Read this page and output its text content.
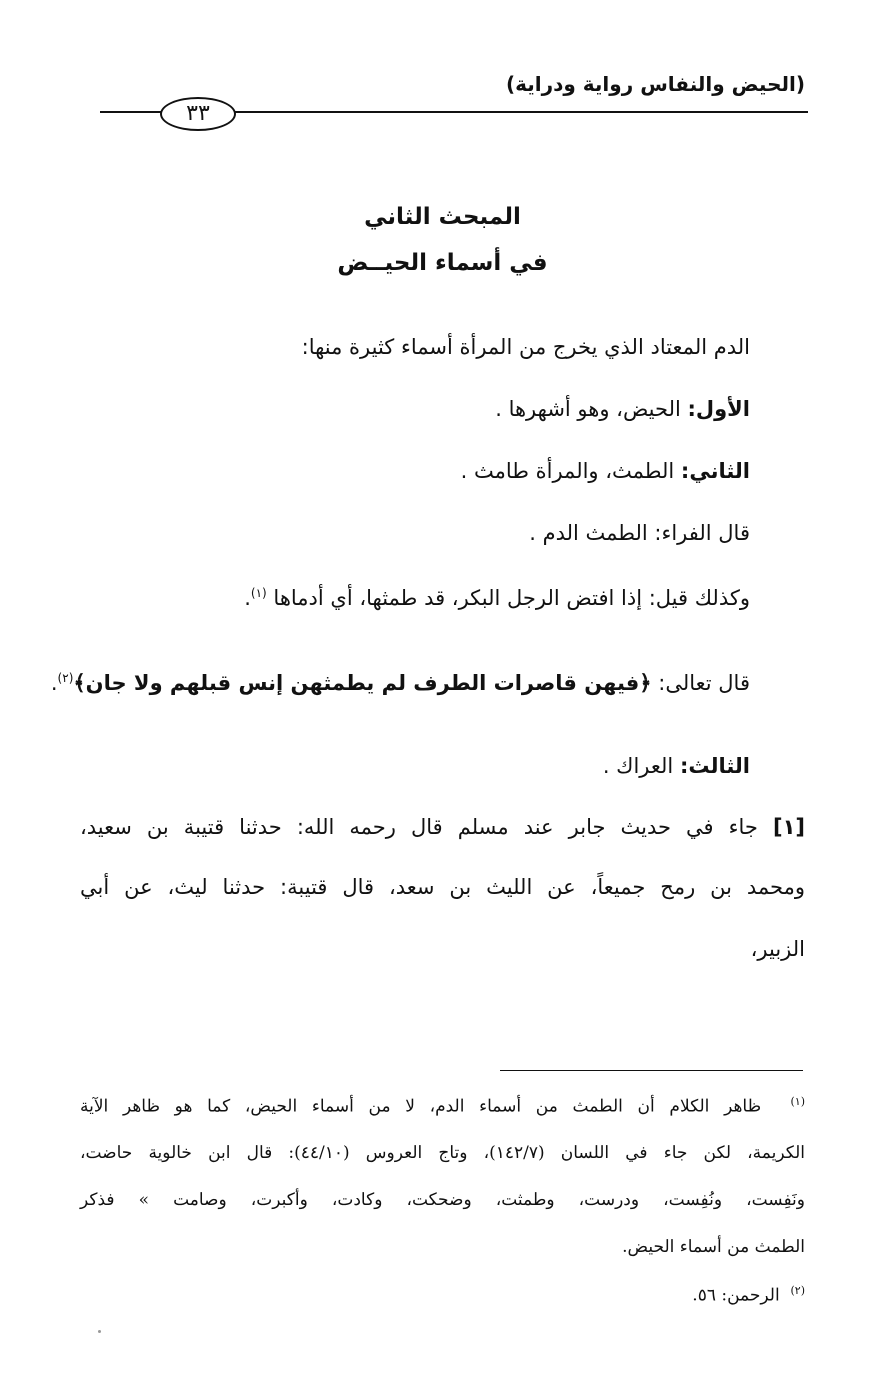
(الحيض والنفاس رواية ودراية)
٣٣
المبحث الثاني
في أسماء الحيــض
الدم المعتاد الذي يخرج من المرأة أسماء كثيرة منها:
الأول: الحيض، وهو أشهرها .
الثاني: الطمث، والمرأة طامث .
قال الفراء: الطمث الدم .
وكذلك قيل: إذا افتض الرجل البكر، قد طمثها، أي أدماها $^{(١)}$.
قال تعالى: ﴿فيهن قاصرات الطرف لم يطمثهن إنس قبلهم ولا جان﴾$^{(٢)}$.
الثالث: العراك .
[١] جاء في حديث جابر عند مسلم قال رحمه الله: حدثنا قتيبة بن سعيد،
ومحمد بن رمح جميعاً، عن الليث بن سعد، قال قتيبة: حدثنا ليث، عن أبي
الزبير،
$^{(١)}$  ظاهر الكلام أن الطمث من أسماء الدم، لا من أسماء الحيض، كما هو ظاهر الآية
الكريمة، لكن جاء في اللسان (١٤٢/٧)، وتاج العروس (٤٤/١٠): قال ابن خالوية حاضت،
ونَفِست، ونُفِست، ودرست، وطمثت، وضحكت، وكادت، وأكبرت، وصامت » فذكر
الطمث من أسماء الحيض.
$^{(٢)}$  الرحمن: ٥٦.
